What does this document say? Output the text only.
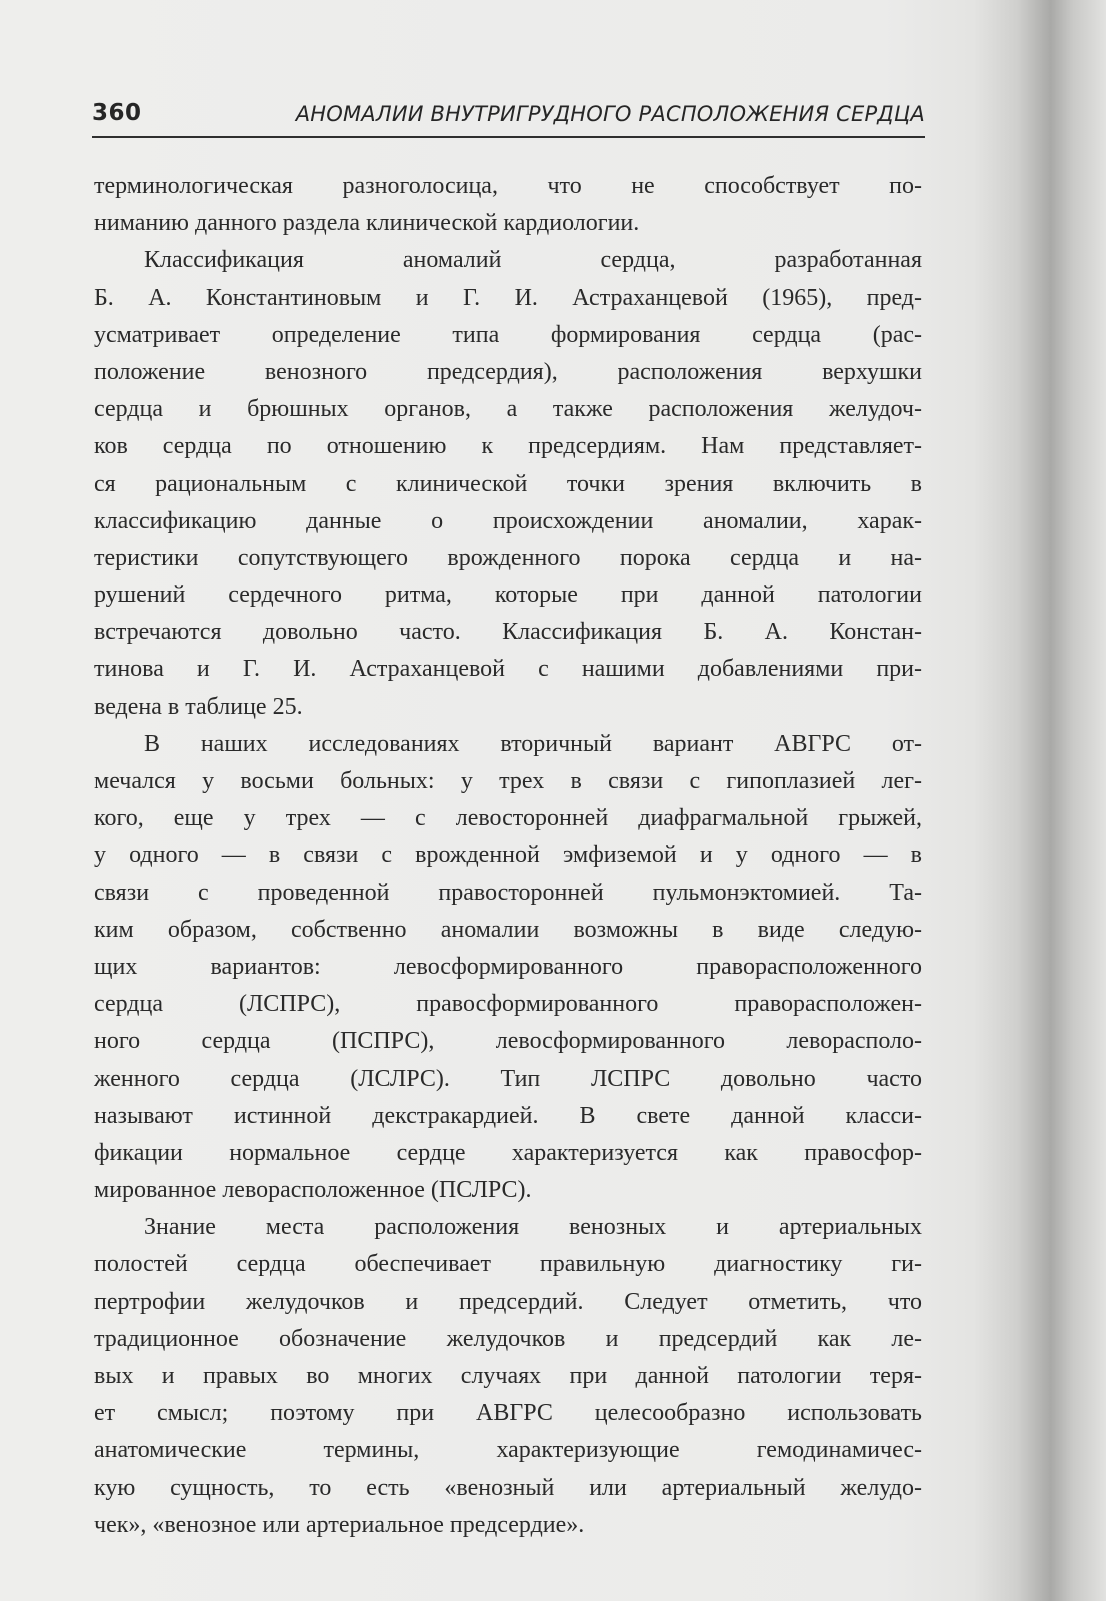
360	АНОМАЛИИ ВНУТРИГРУДНОГО РАСПОЛОЖЕНИЯ СЕРДЦА
терминологическая разноголосица, что не способствует по-
ниманию данного раздела клинической кардиологии.
Классификация аномалий сердца, разработанная
Б. А. Константиновым и Г. И. Астраханцевой (1965), пред-
усматривает определение типа формирования сердца (рас-
положение венозного предсердия), расположения верхушки
сердца и брюшных органов, а также расположения желудоч-
ков сердца по отношению к предсердиям. Нам представляет-
ся рациональным с клинической точки зрения включить в
классификацию данные о происхождении аномалии, харак-
теристики сопутствующего врожденного порока сердца и на-
рушений сердечного ритма, которые при данной патологии
встречаются довольно часто. Классификация Б. А. Констан-
тинова и Г. И. Астраханцевой с нашими добавлениями при-
ведена в таблице 25.
В наших исследованиях вторичный вариант АВГРС от-
мечался у восьми больных: у трех в связи с гипоплазией лег-
кого, еще у трех — с левосторонней диафрагмальной грыжей,
у одного — в связи с врожденной эмфиземой и у одного — в
связи с проведенной правосторонней пульмонэктомией. Та-
ким образом, собственно аномалии возможны в виде следую-
щих вариантов: левосформированного праворасположенного
сердца (ЛСПРС), правосформированного праворасположен-
ного сердца (ПСПРС), левосформированного леворасполо-
женного сердца (ЛСЛРС). Тип ЛСПРС довольно часто
называют истинной декстракардией. В свете данной класси-
фикации нормальное сердце характеризуется как правосфор-
мированное леворасположенное (ПСЛРС).
Знание места расположения венозных и артериальных
полостей сердца обеспечивает правильную диагностику ги-
пертрофии желудочков и предсердий. Следует отметить, что
традиционное обозначение желудочков и предсердий как ле-
вых и правых во многих случаях при данной патологии теря-
ет смысл; поэтому при АВГРС целесообразно использовать
анатомические термины, характеризующие гемодинамичес-
кую сущность, то есть «венозный или артериальный желудо-
чек», «венозное или артериальное предсердие».
